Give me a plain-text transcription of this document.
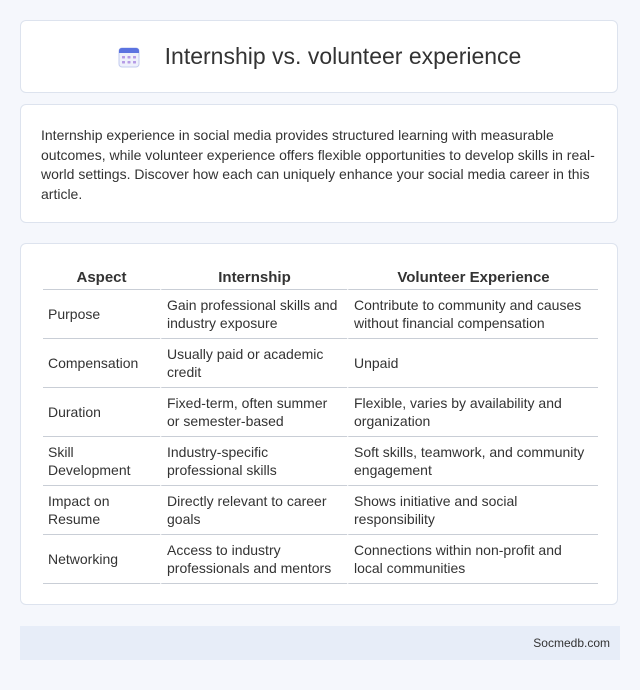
Internship vs. volunteer experience

Internship experience in social media provides structured learning with measurable outcomes, while volunteer experience offers flexible opportunities to develop skills in real-world settings. Discover how each can uniquely enhance your social media career in this article.

Aspect	Internship	Volunteer Experience
Purpose	Gain professional skills and industry exposure	Contribute to community and causes without financial compensation
Compensation	Usually paid or academic credit	Unpaid
Duration	Fixed-term, often summer or semester-based	Flexible, varies by availability and organization
Skill Development	Industry-specific professional skills	Soft skills, teamwork, and community engagement
Impact on Resume	Directly relevant to career goals	Shows initiative and social responsibility
Networking	Access to industry professionals and mentors	Connections within non-profit and local communities
Socmedb.com
